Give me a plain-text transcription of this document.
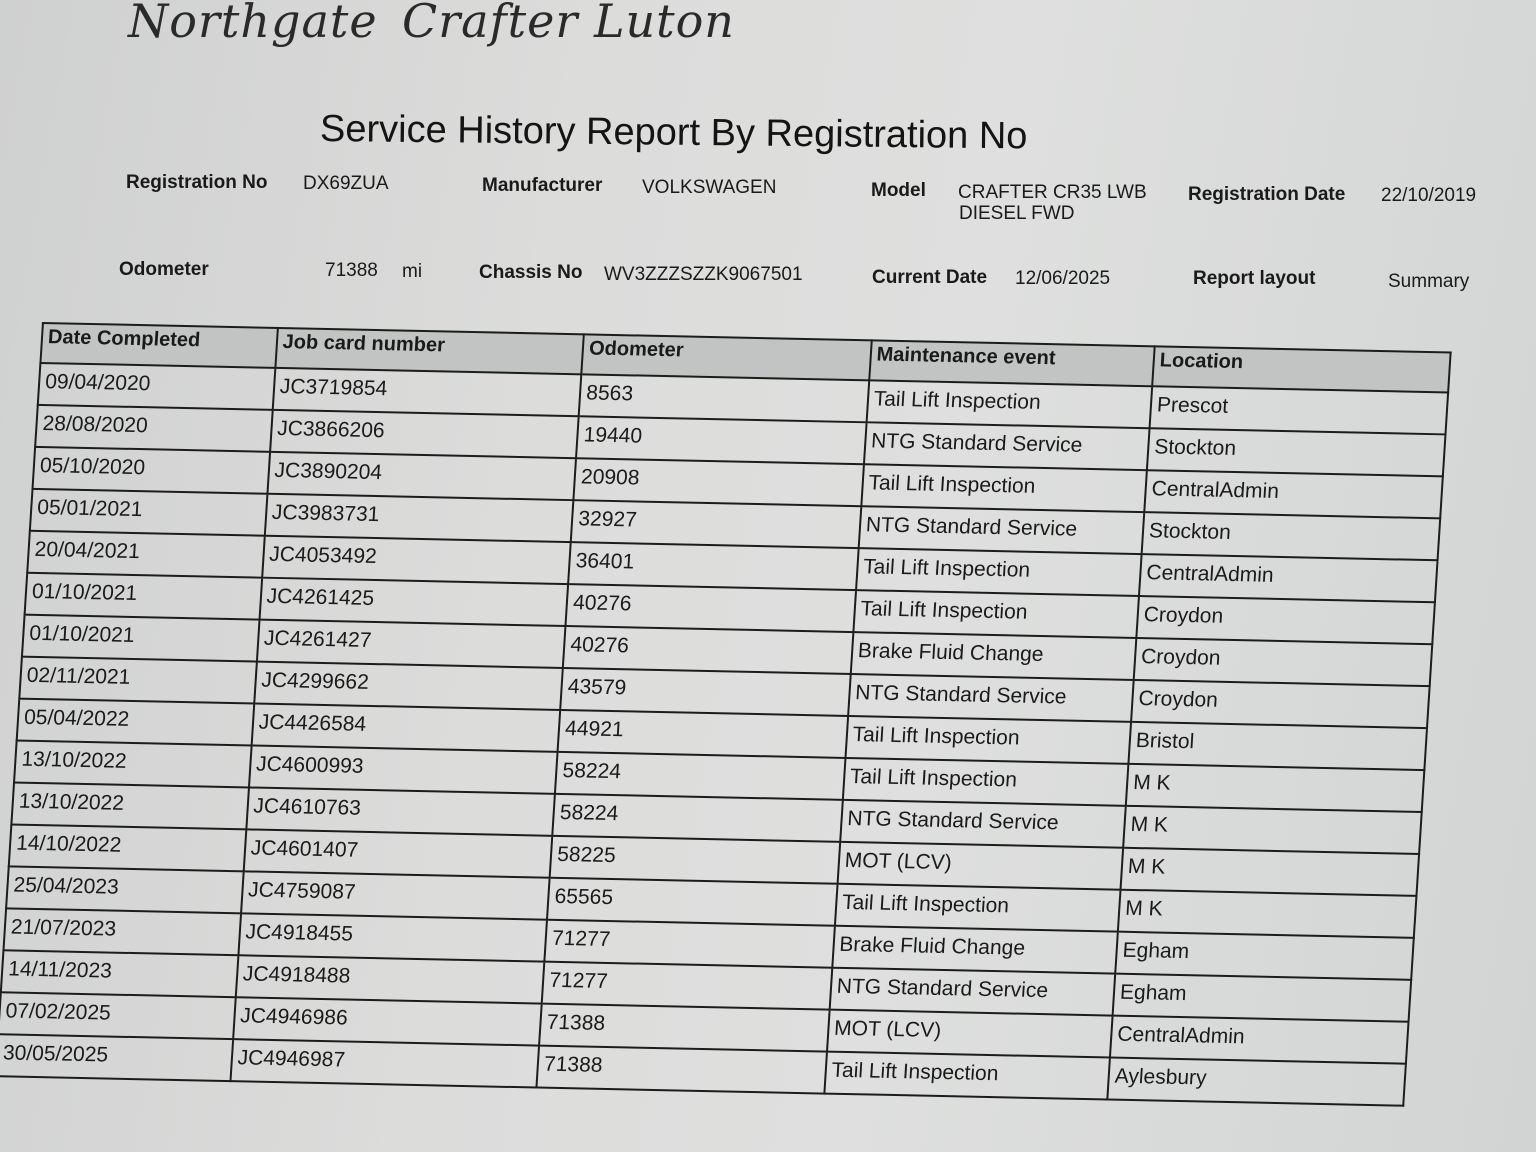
Northgate Crafter Luton
Service History Report By Registration No
Registration No DX69ZUA	Manufacturer VOLKSWAGEN	Model CRAFTER CR35 LWB
DIESEL FWD
Registration Date 22/10/2019
Odometer	71388 mi	Chassis No WV3ZZZSZZK9067501	Current Date 12/06/2025	Report layout	Summary
Date Completed	Job card number	Odometer	Maintenance event	Location
09/04/2020	JC3719854	8563	Tail Lift Inspection	Prescot
28/08/2020	JC3866206	19440	NTG Standard Service	Stockton
05/10/2020	JC3890204	20908	Tail Lift Inspection	CentralAdmin
05/01/2021	JC3983731	32927	NTG Standard Service	Stockton
20/04/2021	JC4053492	36401	Tail Lift Inspection	CentralAdmin
01/10/2021	JC4261425	40276	Tail Lift Inspection	Croydon
01/10/2021	JC4261427	40276	Brake Fluid Change	Croydon
02/11/2021	JC4299662	43579	NTG Standard Service	Croydon
05/04/2022	JC4426584	44921	Tail Lift Inspection	Bristol
13/10/2022	JC4600993	58224	Tail Lift Inspection	M K
13/10/2022	JC4610763	58224	NTG Standard Service	M K
14/10/2022	JC4601407	58225	MOT (LCV)	M K
25/04/2023	JC4759087	65565	Tail Lift Inspection	M K
21/07/2023	JC4918455	71277	Brake Fluid Change	Egham
14/11/2023	JC4918488	71277	NTG Standard Service	Egham
07/02/2025	JC4946986	71388	MOT (LCV)	CentralAdmin
30/05/2025	JC4946987	71388	Tail Lift Inspection	Aylesbury
